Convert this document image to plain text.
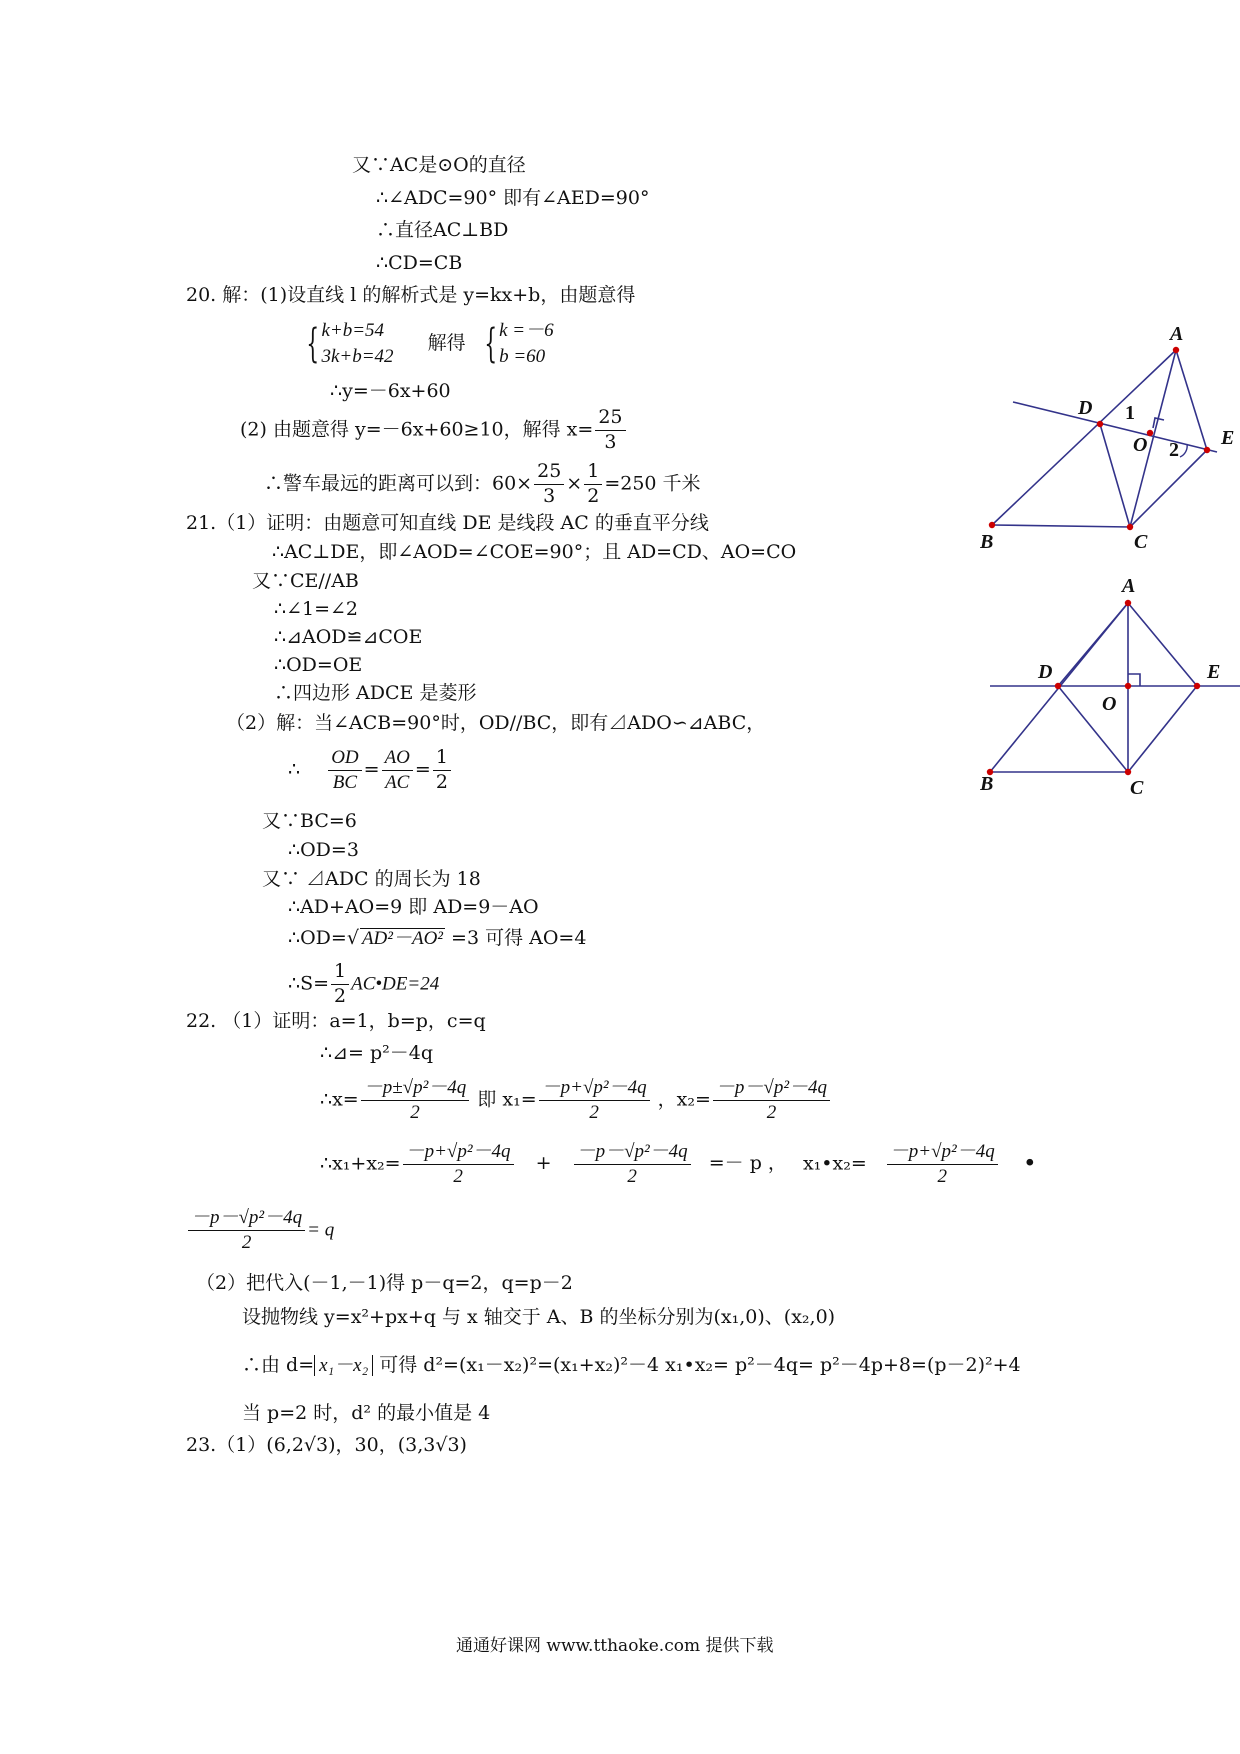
又∵AC是⊙O的直径
∴∠ADC=90° 即有∠AED=90°
∴直径AC⊥BD
∴CD=CB
20. 解：(1)设直线 l 的解析式是 y=kx+b，由题意得
{ k+b=54
3k+b=42
解得 { k =－6
b =60
∴y=－6x+60
(2) 由题意得 y=－6x+60≥10，解得 $x= \frac{25}{3}$
∴警车最远的距离可以到：$60\times \frac{25}{3} \times \frac{1}{2} =250$ 千米
21.（1）证明：由题意可知直线 DE 是线段 AC 的垂直平分线
∴AC⊥DE，即∠AOD=∠COE=90°；且 AD=CD、AO=CO
又∵CE//AB
∴∠1=∠2
∴⊿AOD≌⊿COE
∴OD=OE
∴四边形 ADCE 是菱形
（2）解：当∠ACB=90°时，OD//BC，即有⊿ADO∽⊿ABC，
∴ $\frac{OD}{BC} = \frac{AO}{AC} = \frac{1}{2}$
又∵BC=6
∴OD=3
又∵ ⊿ADC 的周长为 18
∴AD+AO=9 即 AD=9－AO
∴OD=√ AD²－AO² =3 可得 AO=4
∴S= $\frac{1}{2}$ AC•DE=24
22. （1）证明：a=1，b=p，c=q
∴⊿= p²－4q
∴x= $\frac{\text{－p±√p²－4q}}{2}$ 即 $x_1= \frac{\text{－p+√p²－4q}}{2}$ ，$x_2= \frac{\text{－p－√p²－4q}}{2}$
∴x₁+x₂= $\frac{\text{－p+√p²－4q}}{2} + \frac{\text{－p－√p²－4q}}{2} =- p$ ， x₁•x₂= $\frac{\text{－p+√p²－4q}}{2}$ •
$\frac{\text{－p－√p²－4q}}{2} = q$
（2）把代入(－1,－1)得 p－q=2，q=p－2
设抛物线 y=x²+px+q 与 x 轴交于 A、B 的坐标分别为(x₁,0)、(x₂,0)
∴由 d= x₁－x₂ 可得 d²=(x₁－x₂)²=(x₁+x₂)²－4 x₁•x₂= p²－4q= p²－4p+8=(p－2)²+4
当 p=2 时，d² 的最小值是 4
23.（1）(6,2√3)，30，(3,3√3)
通通好课网 www.tthaoke.com 提供下载
A
D 1
O 2
E
B	C
A
D
O
E
B	C
